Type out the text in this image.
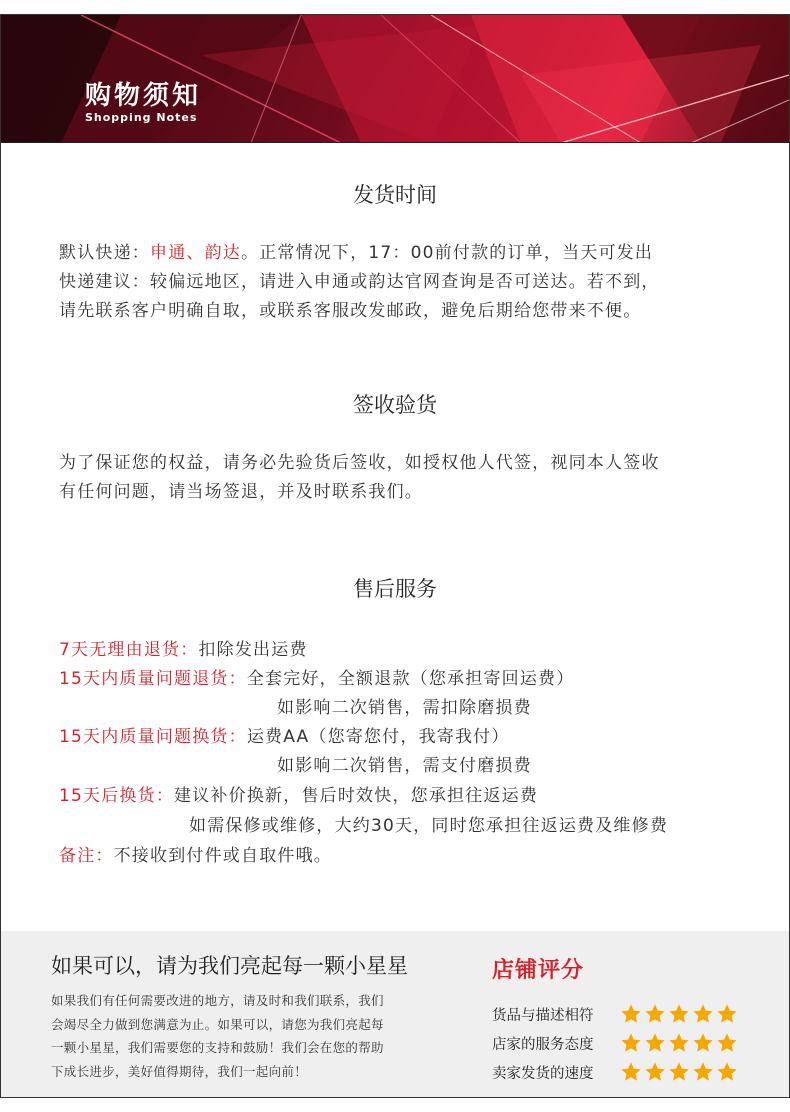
购物须知
Shopping Notes
发货时间
默认快递：申通、韵达。正常情况下，17：00前付款的订单，当天可发出
快递建议：较偏远地区，请进入申通或韵达官网查询是否可送达。若不到，
请先联系客户明确自取，或联系客服改发邮政，避免后期给您带来不便。
签收验货
为了保证您的权益，请务必先验货后签收，如授权他人代签，视同本人签收
有任何问题，请当场签退，并及时联系我们。
售后服务
7天无理由退货：扣除发出运费
15天内质量问题退货：全套完好，全额退款（您承担寄回运费）
如影响二次销售，需扣除磨损费
15天内质量问题换货：运费AA（您寄您付，我寄我付）
如影响二次销售，需支付磨损费
15天后换货：建议补价换新，售后时效快，您承担往返运费
如需保修或维修，大约30天，同时您承担往返运费及维修费
备注：不接收到付件或自取件哦。
如果可以，请为我们亮起每一颗小星星
如果我们有任何需要改进的地方，请及时和我们联系，我们
会竭尽全力做到您满意为止。如果可以，请您为我们亮起每
一颗小星星，我们需要您的支持和鼓励！我们会在您的帮助
下成长进步，美好值得期待，我们一起向前！
店铺评分
货品与描述相符
店家的服务态度
卖家发货的速度
